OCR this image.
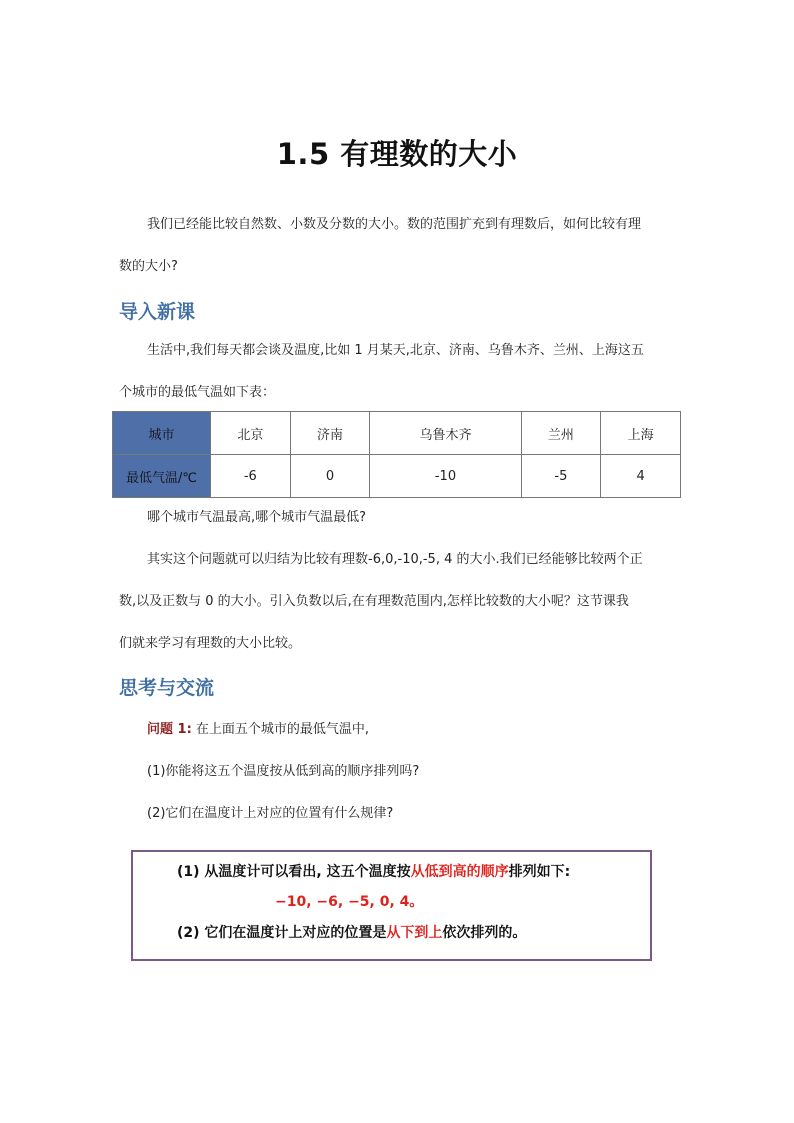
1.5 有理数的大小
我们已经能比较自然数、小数及分数的大小。数的范围扩充到有理数后，如何比较有理
数的大小?
导入新课
生活中,我们每天都会谈及温度,比如 1 月某天,北京、济南、乌鲁木齐、兰州、上海这五
个城市的最低气温如下表：
城市	北京	济南	乌鲁木齐	兰州	上海
最低气温/℃	-6	0	-10	-5	4
哪个城市气温最高,哪个城市气温最低?
其实这个问题就可以归结为比较有理数-6,0,-10,-5, 4 的大小.我们已经能够比较两个正
数,以及正数与 0 的大小。引入负数以后,在有理数范围内,怎样比较数的大小呢？这节课我
们就来学习有理数的大小比较。
思考与交流
问题 1: 在上面五个城市的最低气温中,
(1)你能将这五个温度按从低到高的顺序排列吗?
(2)它们在温度计上对应的位置有什么规律?
(1) 从温度计可以看出, 这五个温度按从低到高的顺序排列如下:
−10, −6, −5, 0, 4。
(2) 它们在温度计上对应的位置是从下到上依次排列的。
